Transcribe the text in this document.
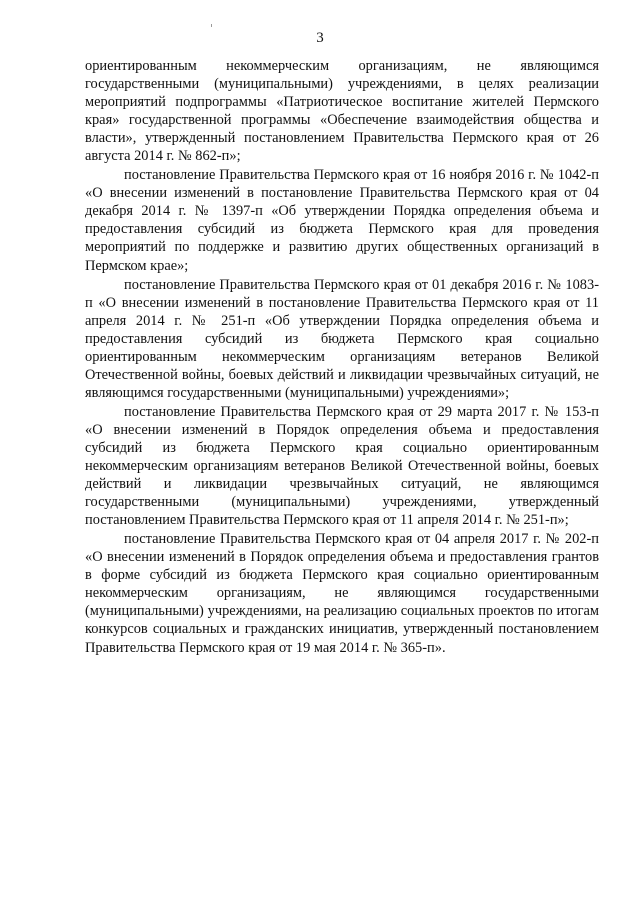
3

ориентированным некоммерческим организациям, не являющимся государственными (муниципальными) учреждениями, в целях реализации мероприятий подпрограммы «Патриотическое воспитание жителей Пермского края» государственной программы «Обеспечение взаимодействия общества и власти», утвержденный постановлением Правительства Пермского края от 26 августа 2014 г. № 862-п»;

постановление Правительства Пермского края от 16 ноября 2016 г. № 1042-п «О внесении изменений в постановление Правительства Пермского края от 04 декабря 2014 г. № 1397-п «Об утверждении Порядка определения объема и предоставления субсидий из бюджета Пермского края для проведения мероприятий по поддержке и развитию других общественных организаций в Пермском крае»;

постановление Правительства Пермского края от 01 декабря 2016 г. № 1083-п «О внесении изменений в постановление Правительства Пермского края от 11 апреля 2014 г. № 251-п «Об утверждении Порядка определения объема и предоставления субсидий из бюджета Пермского края социально ориентированным некоммерческим организациям ветеранов Великой Отечественной войны, боевых действий и ликвидации чрезвычайных ситуаций, не являющимся государственными (муниципальными) учреждениями»;

постановление Правительства Пермского края от 29 марта 2017 г. № 153-п «О внесении изменений в Порядок определения объема и предоставления субсидий из бюджета Пермского края социально ориентированным некоммерческим организациям ветеранов Великой Отечественной войны, боевых действий и ликвидации чрезвычайных ситуаций, не являющимся государственными (муниципальными) учреждениями, утвержденный постановлением Правительства Пермского края от 11 апреля 2014 г. № 251-п»;

постановление Правительства Пермского края от 04 апреля 2017 г. № 202-п «О внесении изменений в Порядок определения объема и предоставления грантов в форме субсидий из бюджета Пермского края социально ориентированным некоммерческим организациям, не являющимся государственными (муниципальными) учреждениями, на реализацию социальных проектов по итогам конкурсов социальных и гражданских инициатив, утвержденный постановлением Правительства Пермского края от 19 мая 2014 г. № 365-п».
